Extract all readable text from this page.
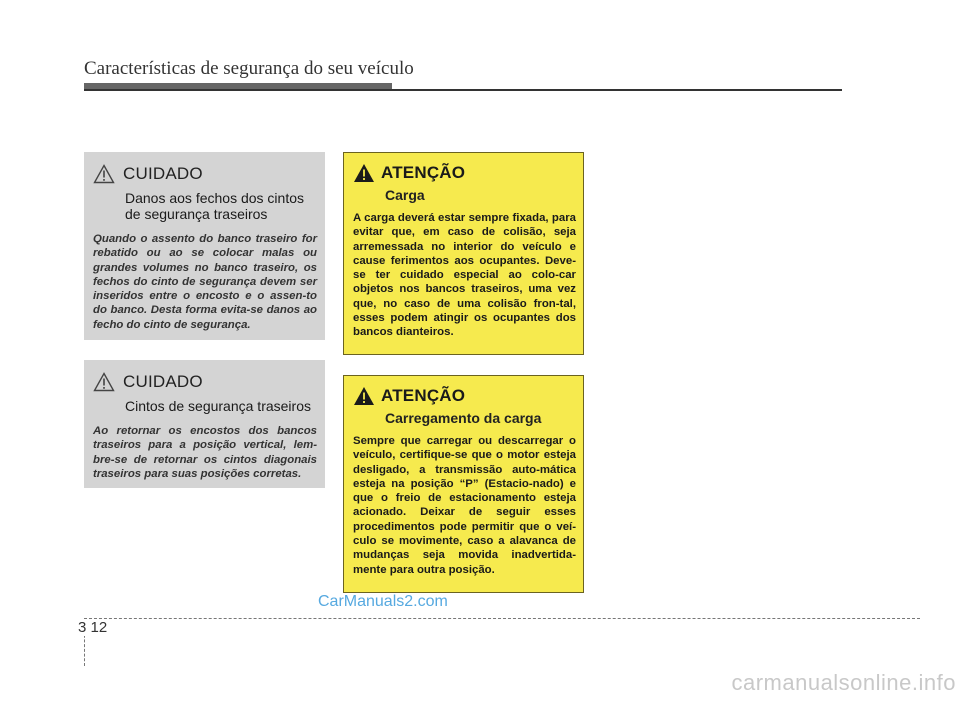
Características de segurança do seu veículo
CUIDADO
Danos aos fechos dos cintos de segurança traseiros
Quando o assento do banco traseiro for rebatido ou ao se colocar malas ou grandes volumes no banco traseiro, os fechos do cinto de segurança devem ser inseridos entre o encosto e o assen-to do banco. Desta forma evita-se danos ao fecho do cinto de segurança.
CUIDADO
Cintos de segurança traseiros
Ao retornar os encostos dos bancos traseiros para a posição vertical, lem-bre-se de retornar os cintos diagonais traseiros para suas posições corretas.
ATENÇÃO
Carga
A carga deverá estar sempre fixada, para evitar que, em caso de colisão, seja arremessada no interior do veículo e cause ferimentos aos ocupantes. Deve-se ter cuidado especial ao colo-car objetos nos bancos traseiros, uma vez que, no caso de uma colisão fron-tal, esses podem atingir os ocupantes dos bancos dianteiros.
ATENÇÃO
Carregamento da carga
Sempre que carregar ou descarregar o veículo, certifique-se que o motor esteja desligado, a transmissão auto-mática esteja na posição “P” (Estacio-nado) e que o freio de estacionamento esteja acionado. Deixar de seguir esses procedimentos pode permitir que o veí-culo se movimente, caso a alavanca de mudanças seja movida inadvertida-mente para outra posição.
CarManuals2.com
3 12
carmanualsonline.info
